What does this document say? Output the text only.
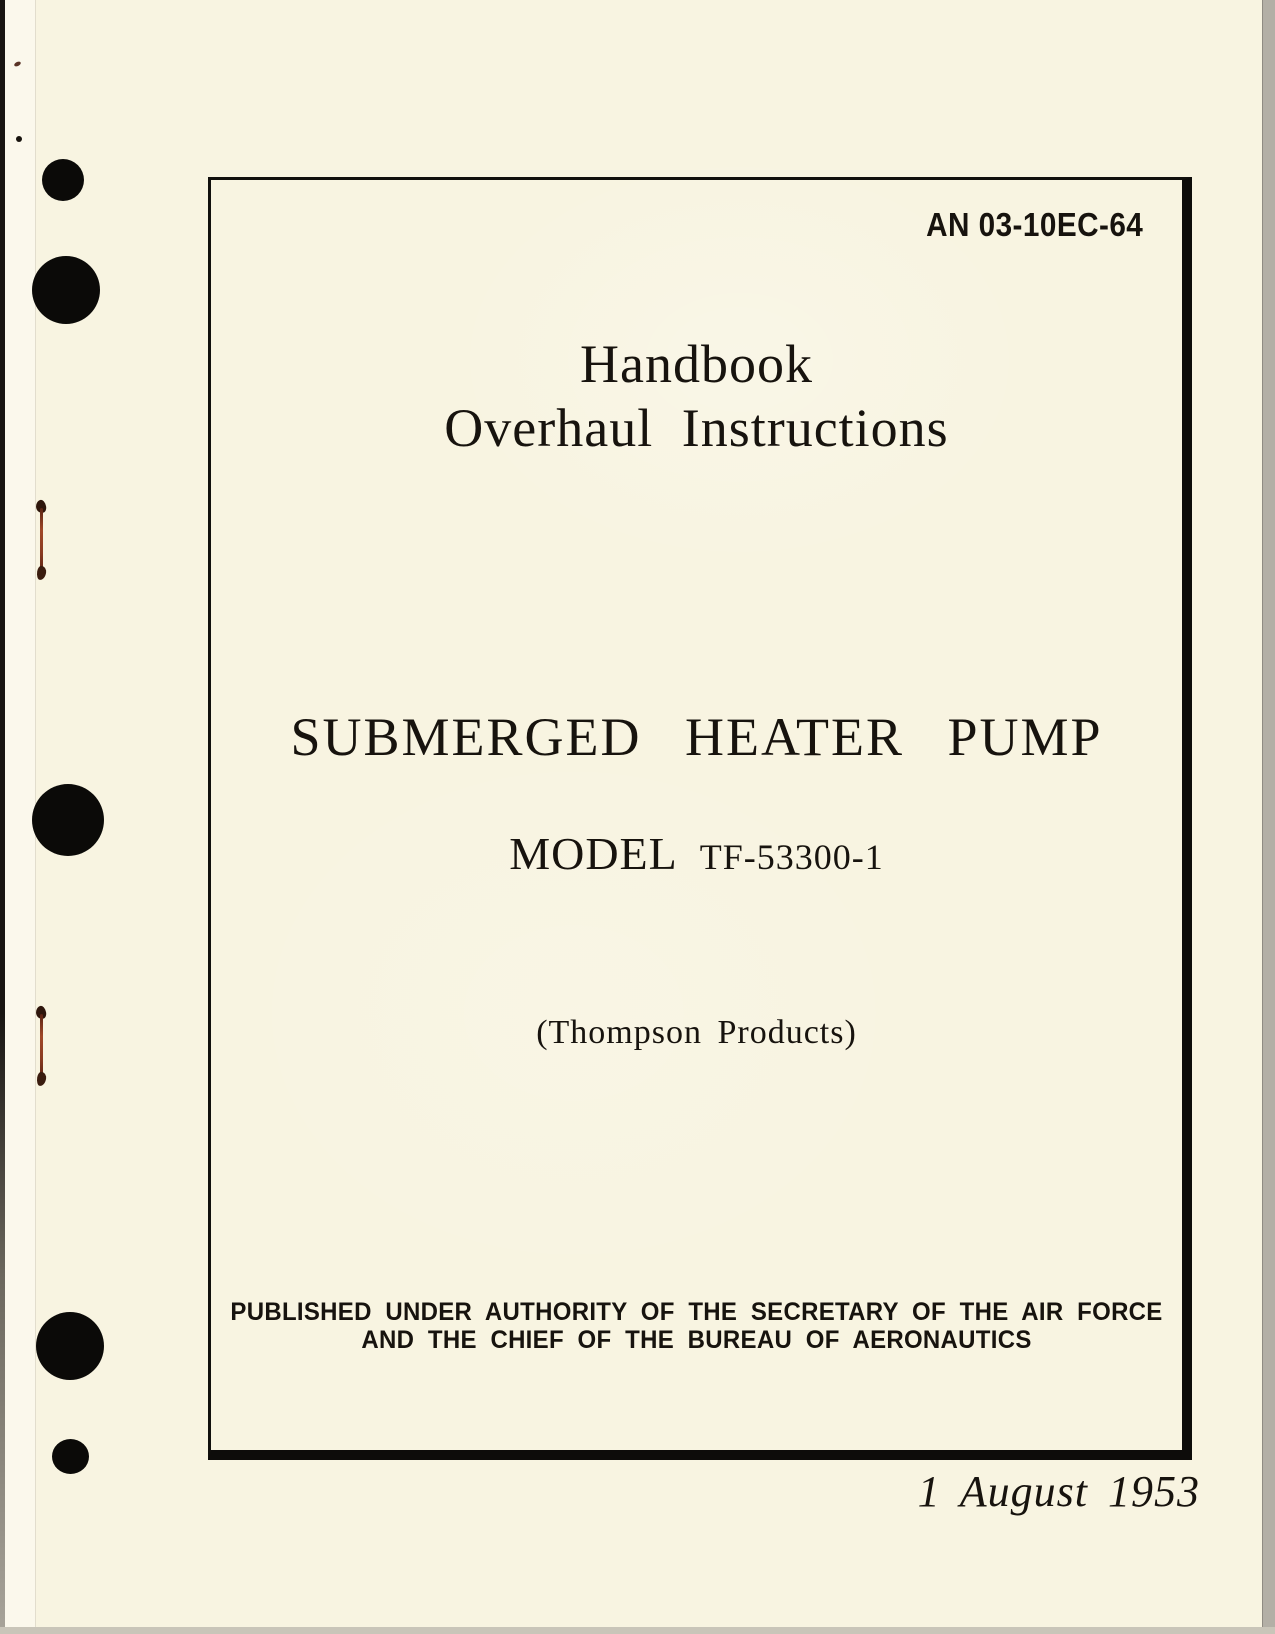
AN 03-10EC-64
Handbook
Overhaul Instructions
SUBMERGED HEATER PUMP
MODEL TF-53300-1
(Thompson Products)
PUBLISHED UNDER AUTHORITY OF THE SECRETARY OF THE AIR FORCE
AND THE CHIEF OF THE BUREAU OF AERONAUTICS
1 August 1953
